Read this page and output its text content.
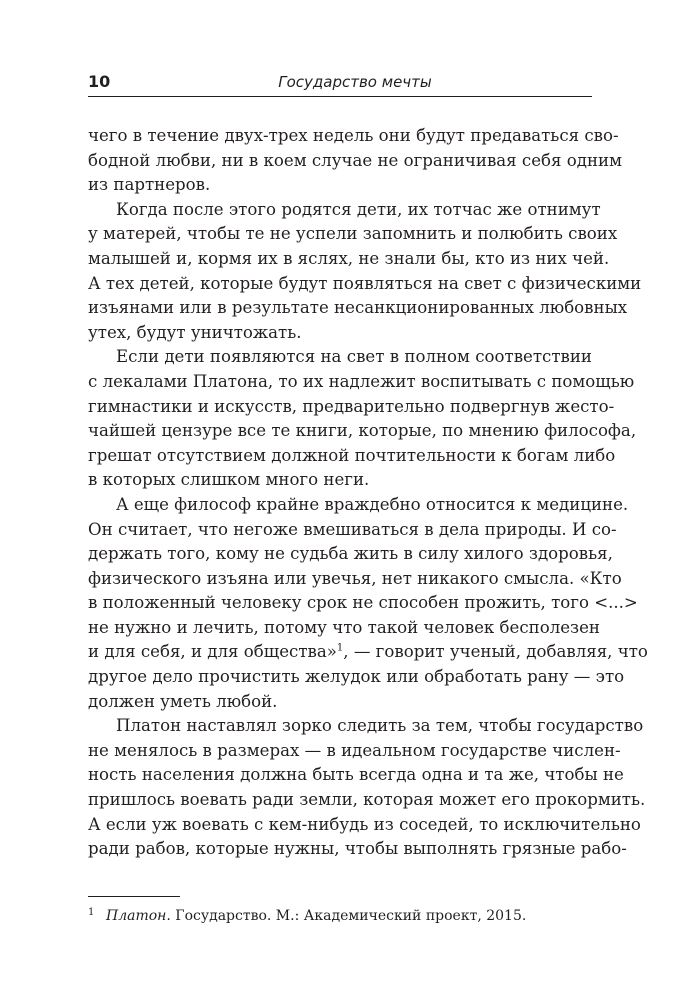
10	Государство мечты
чего в течение двух-трех недель они будут предаваться сво-
бодной любви, ни в коем случае не ограничивая себя одним
из партнеров.
Когда после этого родятся дети, их тотчас же отнимут
у матерей, чтобы те не успели запомнить и полюбить своих
малышей и, кормя их в яслях, не знали бы, кто из них чей.
А тех детей, которые будут появляться на свет с физическими
изъянами или в результате несанкционированных любовных
утех, будут уничтожать.
Если дети появляются на свет в полном соответствии
с лекалами Платона, то их надлежит воспитывать с помощью
гимнастики и искусств, предварительно подвергнув жесто-
чайшей цензуре все те книги, которые, по мнению философа,
грешат отсутствием должной почтительности к богам либо
в которых слишком много неги.
А еще философ крайне враждебно относится к медицине.
Он считает, что негоже вмешиваться в дела природы. И со-
держать того, кому не судьба жить в силу хилого здоровья,
физического изъяна или увечья, нет никакого смысла. «Кто
в положенный человеку срок не способен прожить, того <...>
не нужно и лечить, потому что такой человек бесполезен
и для себя, и для общества»$^1$, — говорит ученый, добавляя, что
другое дело прочистить желудок или обработать рану — это
должен уметь любой.
Платон наставлял зорко следить за тем, чтобы государство
не менялось в размерах — в идеальном государстве числен-
ность населения должна быть всегда одна и та же, чтобы не
пришлось воевать ради земли, которая может его прокормить.
А если уж воевать с кем-нибудь из соседей, то исключительно
ради рабов, которые нужны, чтобы выполнять грязные рабо-
1 Платон. Государство. М.: Академический проект, 2015.
